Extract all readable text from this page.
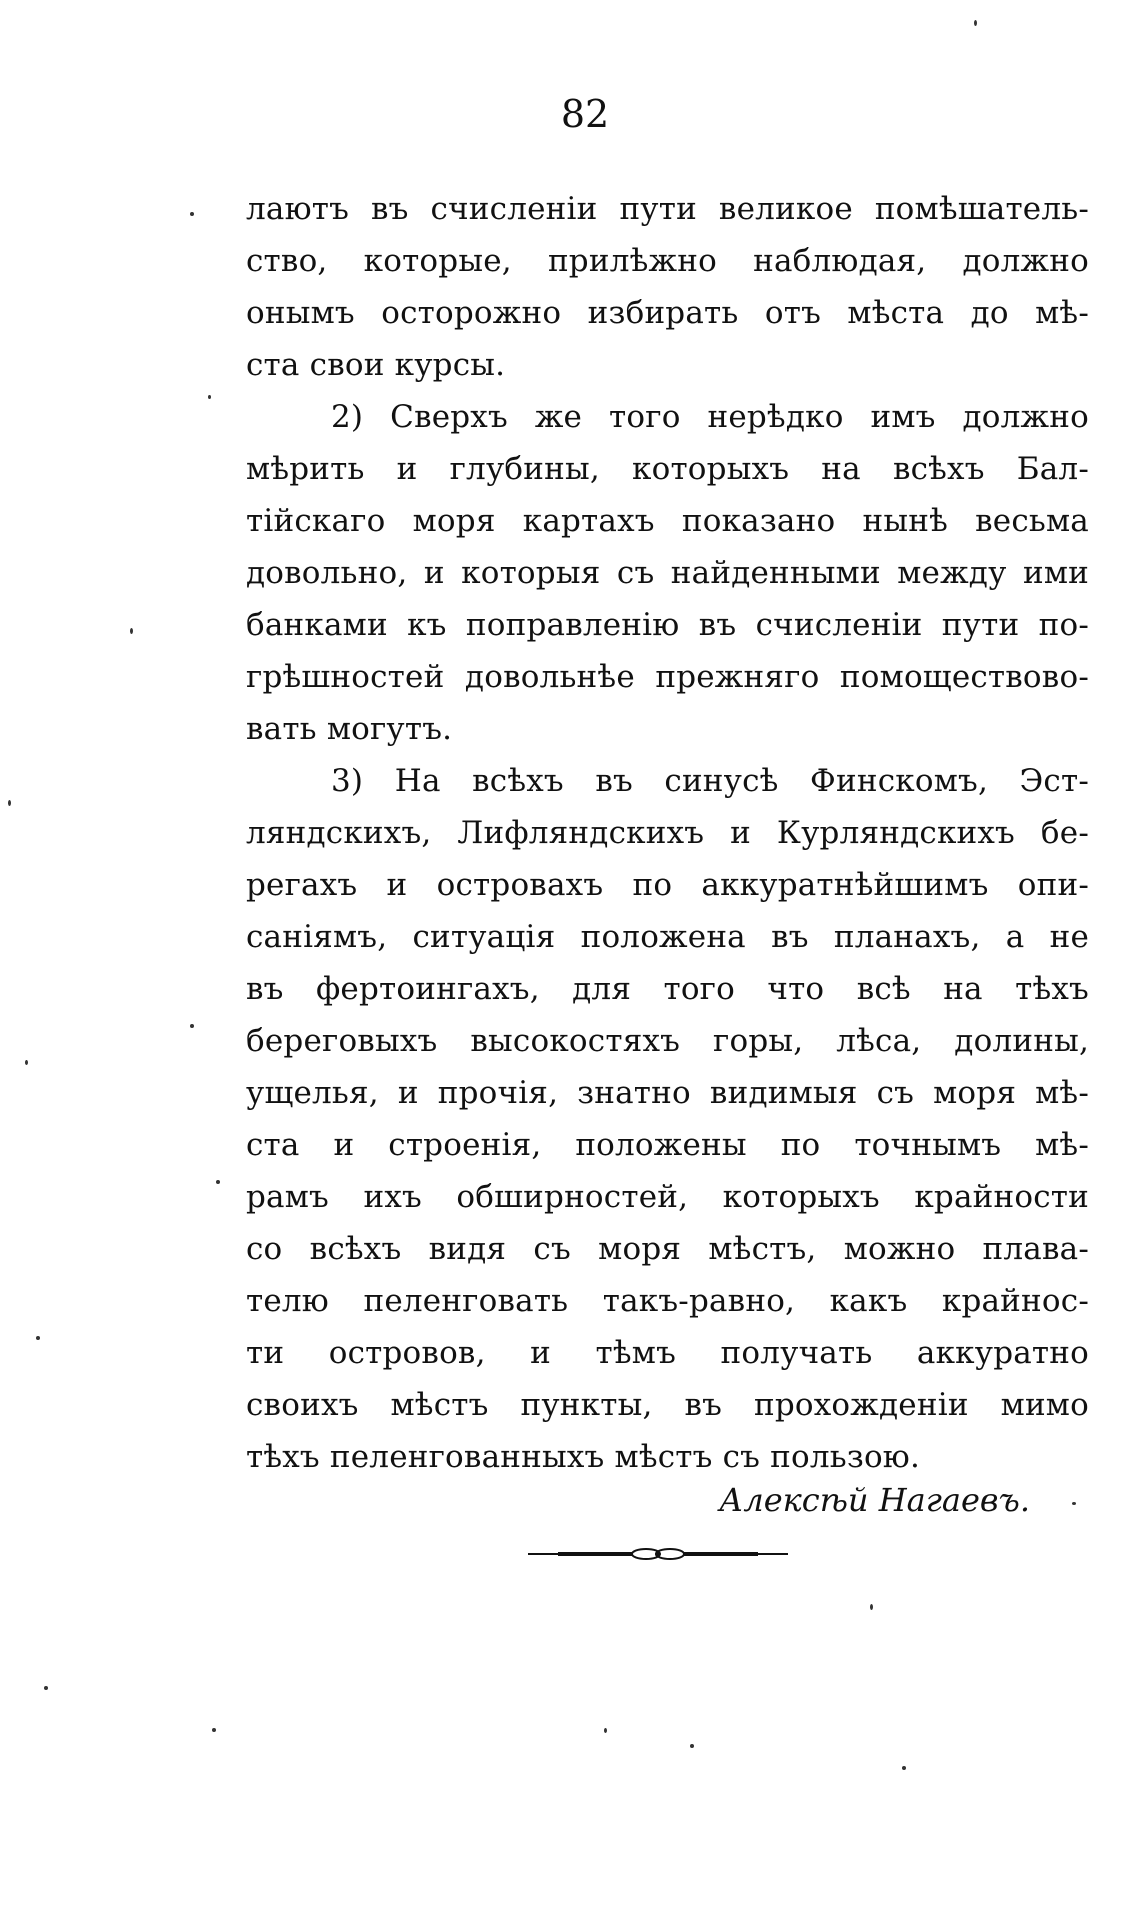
82
лаютъ въ счисленіи пути великое помѣшатель-
ство, которые, прилѣжно наблюдая, должно
онымъ осторожно избирать отъ мѣста до мѣ-
ста свои курсы.
2) Сверхъ же того нерѣдко имъ должно
мѣрить и глубины, которыхъ на всѣхъ Бал-
тійскаго моря картахъ показано нынѣ весьма
довольно, и которыя съ найденными между ими
банками къ поправленію въ счисленіи пути по-
грѣшностей довольнѣе прежняго помоществово-
вать могутъ.
3) На всѣхъ въ синусѣ Финскомъ, Эст-
ляндскихъ, Лифляндскихъ и Курляндскихъ бе-
регахъ и островахъ по аккуратнѣйшимъ опи-
саніямъ, ситуація положена въ планахъ, а не
въ фертоингахъ, для того что всѣ на тѣхъ
береговыхъ высокостяхъ горы, лѣса, долины,
ущелья, и прочія, знатно видимыя съ моря мѣ-
ста и строенія, положены по точнымъ мѣ-
рамъ ихъ обширностей, которыхъ крайности
со всѣхъ видя съ моря мѣстъ, можно плава-
телю пеленговать такъ-равно, какъ крайнос-
ти островов, и тѣмъ получать аккуратно
своихъ мѣстъ пункты, въ прохожденіи мимо
тѣхъ пеленгованныхъ мѣстъ съ пользою.
Алексѣй Нагаевъ.
